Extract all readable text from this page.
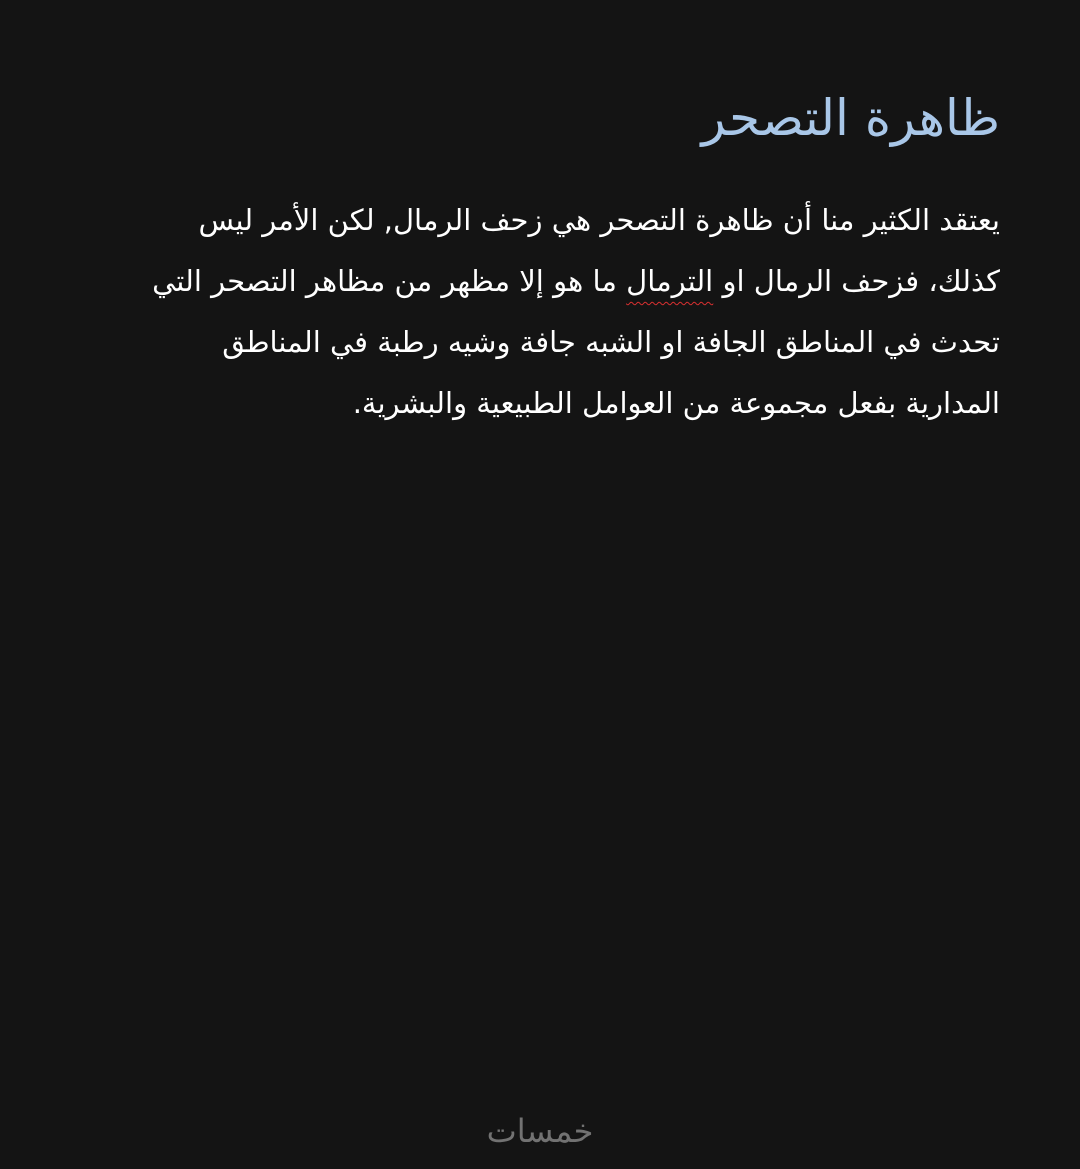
ظاهرة التصحر

يعتقد الكثير منا أن ظاهرة التصحر هي زحف الرمال, لكن الأمر ليس كذلك، فزحف الرمال او الترمال ما هو إلا مظهر من مظاهر التصحر التي تحدث في المناطق الجافة او الشبه جافة وشيه رطبة في المناطق المدارية بفعل مجموعة من العوامل الطبيعية والبشرية.

خمسات
